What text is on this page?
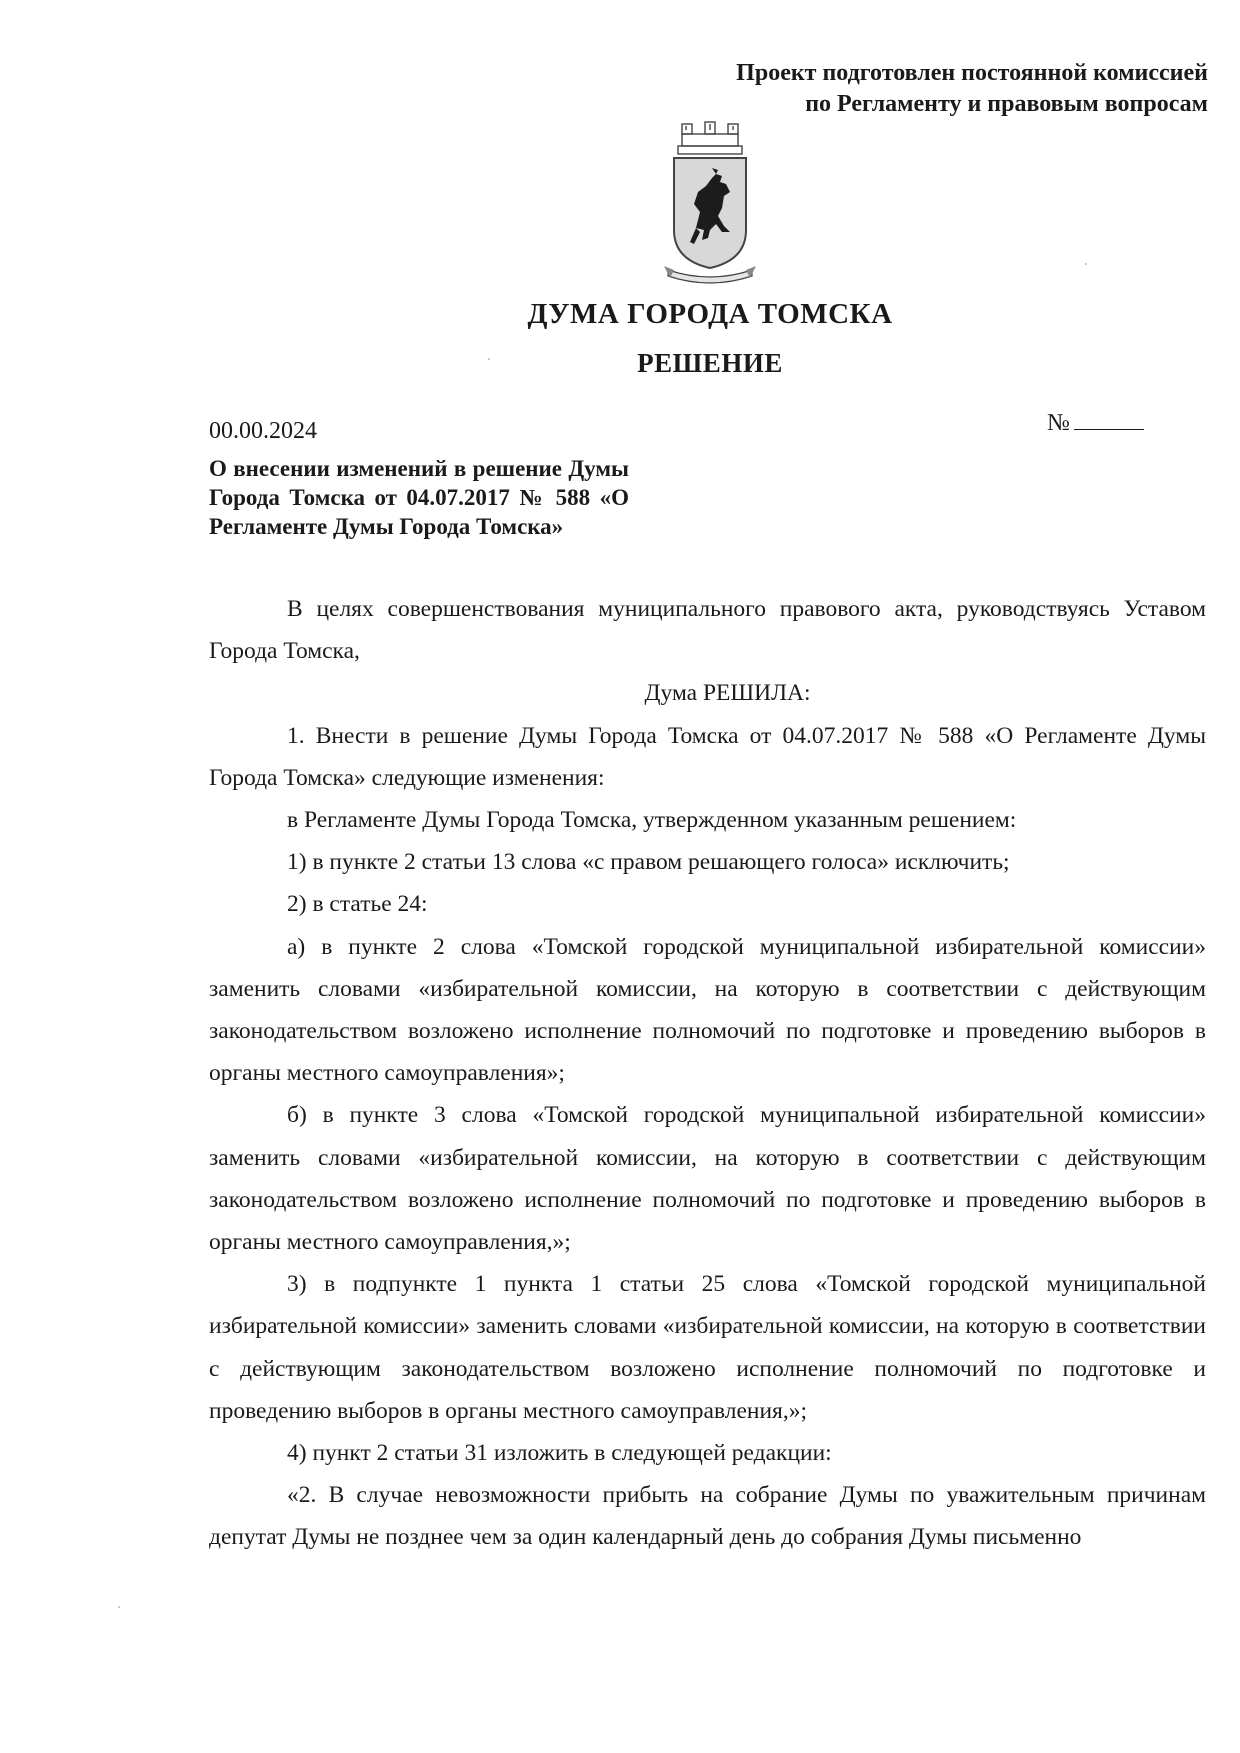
Проект подготовлен постоянной комиссией
по Регламенту и правовым вопросам
ДУМА ГОРОДА ТОМСКА
РЕШЕНИЕ
00.00.2024	№
О внесении изменений в решение Думы Города Томска от 04.07.2017 № 588 «О Регламенте Думы Города Томска»

В целях совершенствования муниципального правового акта, руководствуясь Уставом Города Томска,

Дума РЕШИЛА:

1. Внести в решение Думы Города Томска от 04.07.2017 № 588 «О Регламенте Думы Города Томска» следующие изменения:

в Регламенте Думы Города Томска, утвержденном указанным решением:

1) в пункте 2 статьи 13 слова «с правом решающего голоса» исключить;

2) в статье 24:

а) в пункте 2 слова «Томской городской муниципальной избирательной комиссии» заменить словами «избирательной комиссии, на которую в соответствии с действующим законодательством возложено исполнение полномочий по подготовке и проведению выборов в органы местного самоуправления»;

б) в пункте 3 слова «Томской городской муниципальной избирательной комиссии» заменить словами «избирательной комиссии, на которую в соответствии с действующим законодательством возложено исполнение полномочий по подготовке и проведению выборов в органы местного самоуправления,»;

3) в подпункте 1 пункта 1 статьи 25 слова «Томской городской муниципальной избирательной комиссии» заменить словами «избирательной комиссии, на которую в соответствии с действующим законодательством возложено исполнение полномочий по подготовке и проведению выборов в органы местного самоуправления,»;

4) пункт 2 статьи 31 изложить в следующей редакции:

«2. В случае невозможности прибыть на собрание Думы по уважительным причинам депутат Думы не позднее чем за один календарный день до собрания Думы письменно
